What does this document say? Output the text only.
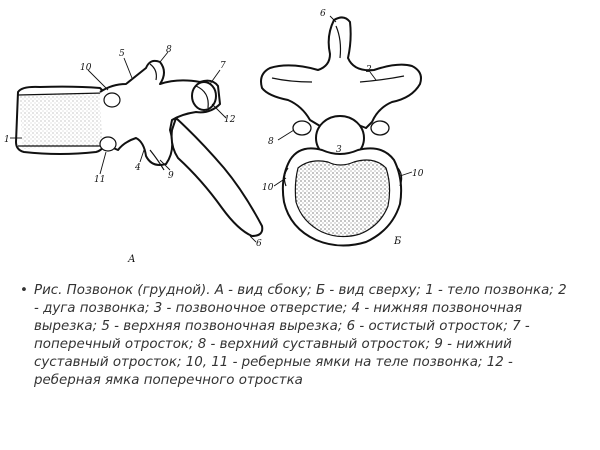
1
10
5	8
7
12
4
9
11
6
А
6
2
8
3
10
10
Б
• Рис. Позвонок (грудной). А - вид сбоку; Б - вид сверху; 1 - тело позвонка; 2 - дуга позвонка; 3 - позвоночное отверстие; 4 - нижняя позвоночная вырезка; 5 - верхняя позвоночная вырезка; 6 - остистый отросток; 7 - поперечный отросток; 8 - верхний суставный отросток; 9 - нижний суставный отросток; 10, 11 - реберные ямки на теле позвонка; 12 - реберная ямка поперечного отростка
